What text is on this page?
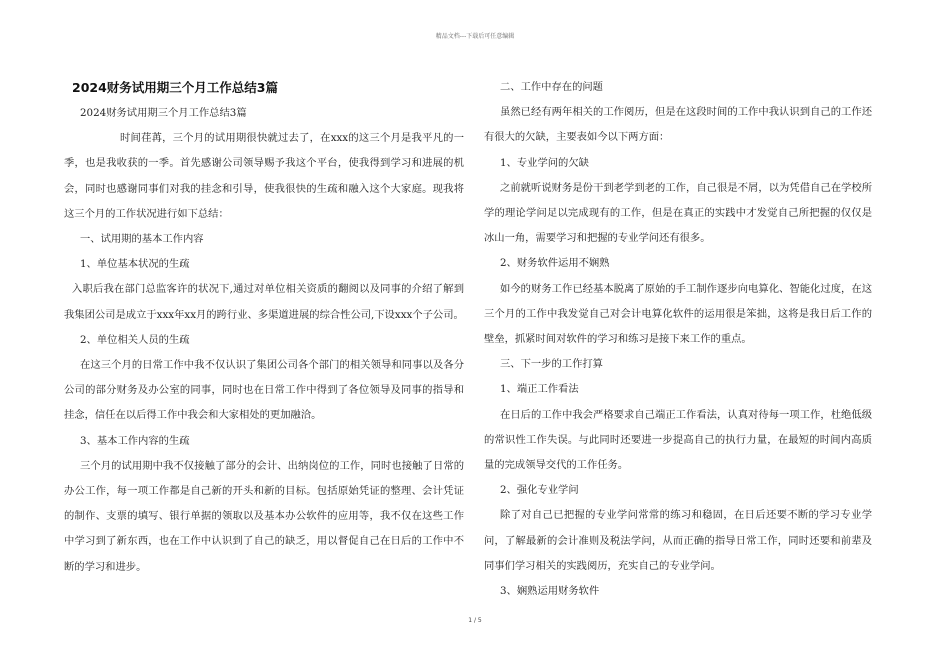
精品文档---下载后可任意编辑
2024财务试用期三个月工作总结3篇

2024财务试用期三个月工作总结3篇

时间荏苒，三个月的试用期很快就过去了，在xxx的这三个月是我平凡的一季，也是我收获的一季。首先感谢公司领导赐予我这个平台，使我得到学习和进展的机会，同时也感谢同事们对我的挂念和引导，使我很快的生疏和融入这个大家庭。现我将这三个月的工作状况进行如下总结：

一、试用期的基本工作内容

1、单位基本状况的生疏

入职后我在部门总监客许的状况下,通过对单位相关资质的翻阅以及同事的介绍了解到我集团公司是成立于xxx年xx月的跨行业、多渠道进展的综合性公司,下设xxx个子公司。

2、单位相关人员的生疏

在这三个月的日常工作中我不仅认识了集团公司各个部门的相关领导和同事以及各分公司的部分财务及办公室的同事，同时也在日常工作中得到了各位领导及同事的指导和挂念，信任在以后得工作中我会和大家相处的更加融洽。

3、基本工作内容的生疏

三个月的试用期中我不仅接触了部分的会计、出纳岗位的工作，同时也接触了日常的办公工作，每一项工作都是自己新的开头和新的目标。包括原始凭证的整理、会计凭证的制作、支票的填写、银行单据的领取以及基本办公软件的应用等，我不仅在这些工作中学习到了新东西，也在工作中认识到了自己的缺乏，用以督促自己在日后的工作中不断的学习和进步。

二、工作中存在的问题

虽然已经有两年相关的工作阅历，但是在这段时间的工作中我认识到自己的工作还有很大的欠缺，主要表如今以下两方面：

1、专业学问的欠缺

之前就听说财务是份干到老学到老的工作，自己很是不屑，以为凭借自己在学校所学的理论学问足以完成现有的工作，但是在真正的实践中才发觉自己所把握的仅仅是冰山一角，需要学习和把握的专业学问还有很多。

2、财务软件运用不娴熟

如今的财务工作已经基本脱离了原始的手工制作逐步向电算化、智能化过度，在这三个月的工作中我发觉自己对会计电算化软件的运用很是笨拙，这将是我日后工作的壁垒，抓紧时间对软件的学习和练习是接下来工作的重点。

三、下一步的工作打算

1、端正工作看法

在日后的工作中我会严格要求自己端正工作看法，认真对待每一项工作，杜绝低级的常识性工作失误。与此同时还要进一步提高自己的执行力量，在最短的时间内高质量的完成领导交代的工作任务。

2、强化专业学问

除了对自己已把握的专业学问常常的练习和稳固，在日后还要不断的学习专业学问，了解最新的会计准则及税法学问，从而正确的指导日常工作，同时还要和前辈及同事们学习相关的实践阅历，充实自己的专业学问。

3、娴熟运用财务软件

1 / 5
